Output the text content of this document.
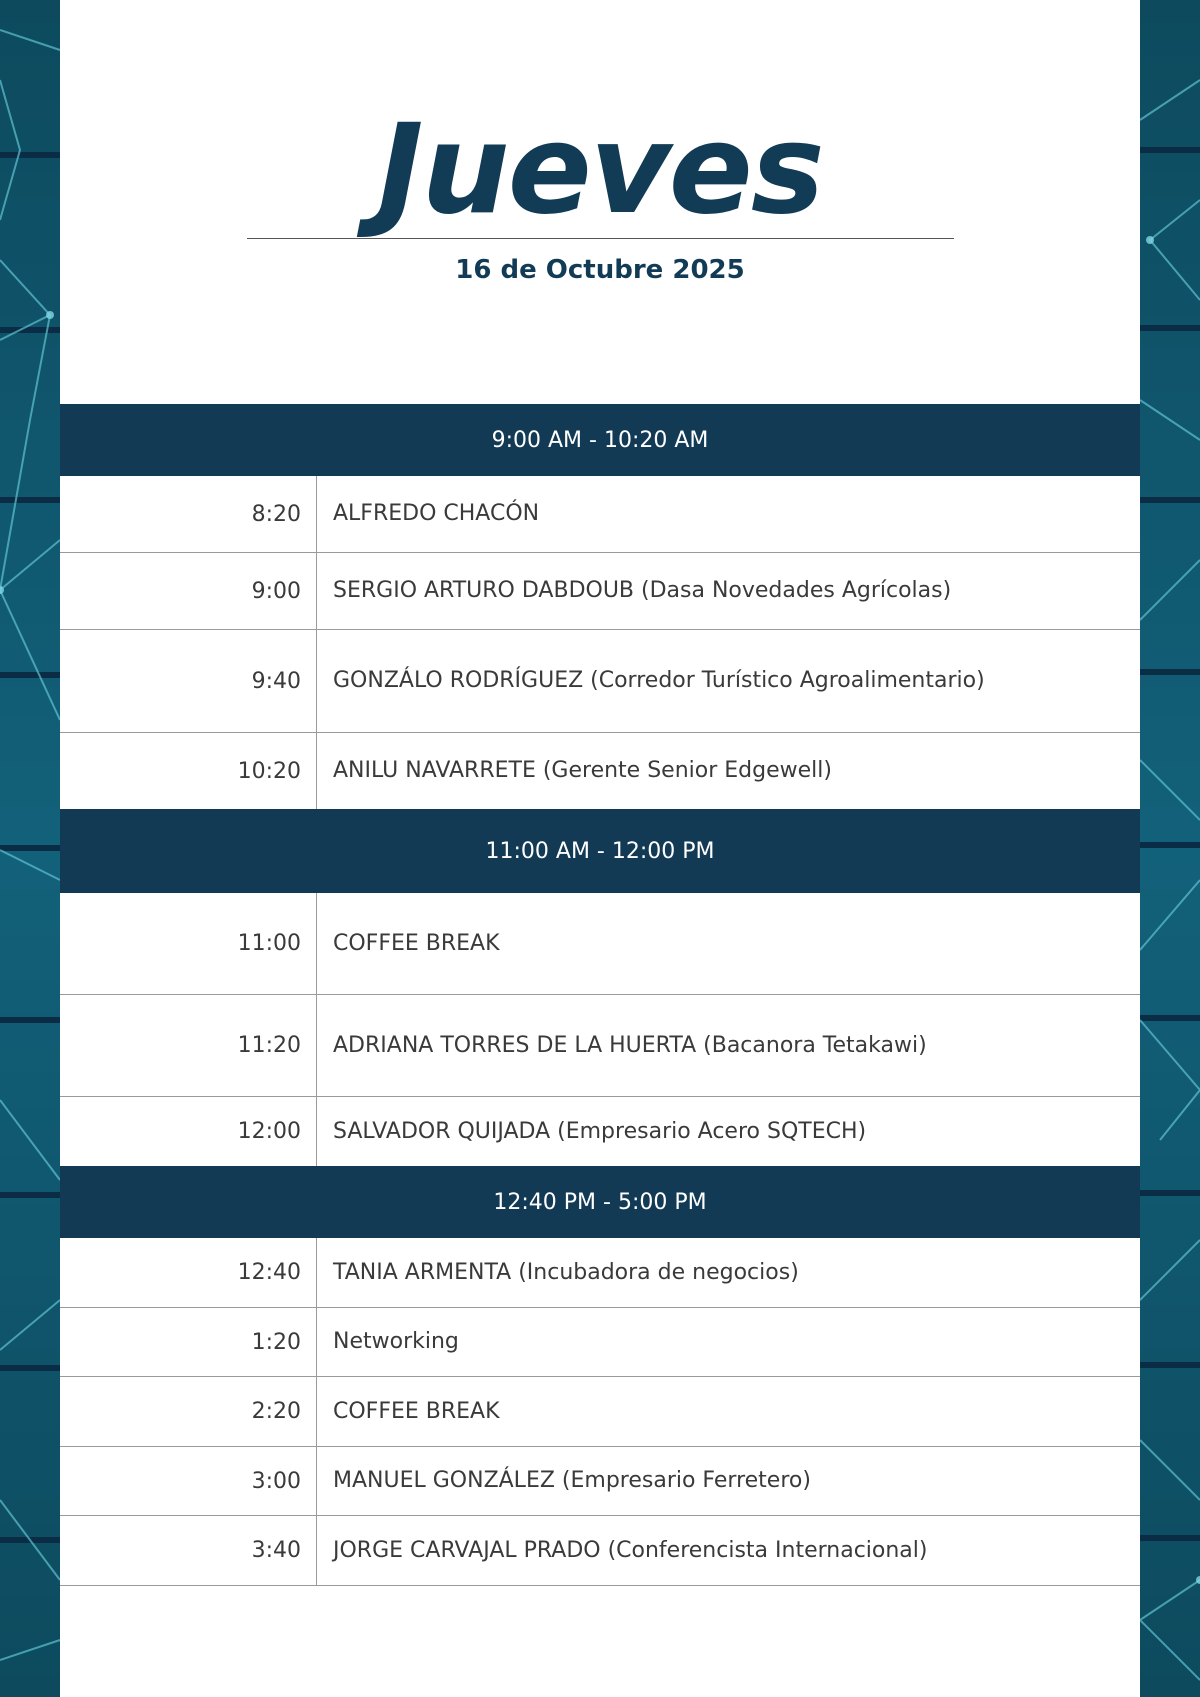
Jueves
16 de Octubre 2025
9:00 AM - 10:20 AM
8:20	ALFREDO CHACÓN
9:00	SERGIO ARTURO DABDOUB (Dasa Novedades Agrícolas)
9:40	GONZÁLO RODRÍGUEZ (Corredor Turístico Agroalimentario)
10:20	ANILU NAVARRETE (Gerente Senior Edgewell)
11:00 AM - 12:00 PM
11:00	COFFEE BREAK
11:20	ADRIANA TORRES DE LA HUERTA (Bacanora Tetakawi)
12:00	SALVADOR QUIJADA (Empresario Acero SQTECH)
12:40 PM - 5:00 PM
12:40	TANIA ARMENTA (Incubadora de negocios)
1:20	Networking
2:20	COFFEE BREAK
3:00	MANUEL GONZÁLEZ (Empresario Ferretero)
3:40	JORGE CARVAJAL PRADO (Conferencista Internacional)
